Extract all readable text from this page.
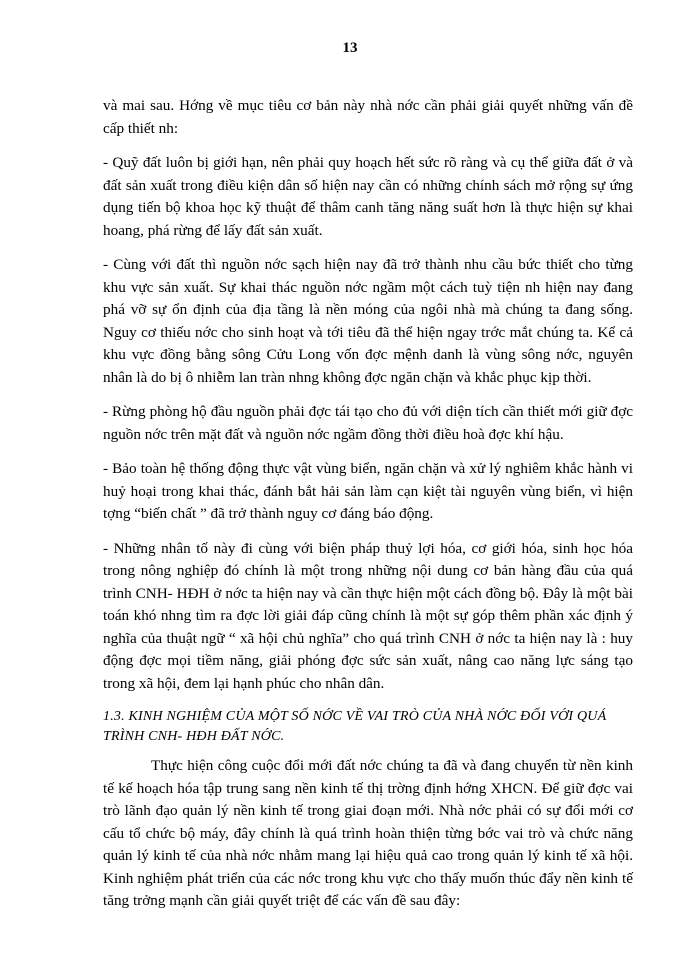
13

và mai sau. Hớng về mục tiêu cơ bản này nhà nớc cần phải giải quyết những vấn đề cấp thiết nh:

- Quỹ đất luôn bị giới hạn, nên phải quy hoạch hết sức rõ ràng và cụ thể giữa đất ở và đất sản xuất trong điều kiện dân số hiện nay cần có những chính sách mở rộng sự ứng dụng tiến bộ khoa học kỹ thuật để thâm canh tăng năng suất hơn là thực hiện sự khai hoang, phá rừng để lấy đất sản xuất.

- Cùng với đất thì nguồn nớc sạch hiện nay đã trở thành nhu cầu bức thiết cho từng khu vực sản xuất. Sự khai thác nguồn nớc ngầm một cách tuỳ tiện nh hiện nay đang phá vỡ sự ổn định của địa tầng là nền móng của ngôi nhà mà chúng ta đang sống. Nguy cơ thiếu nớc cho sinh hoạt và tới tiêu đã thể hiện ngay trớc mắt chúng ta. Kể cả khu vực đồng bằng sông Cửu Long vốn đợc mệnh danh là vùng sông nớc, nguyên nhân là do bị ô nhiễm lan tràn nhng không đợc ngăn chặn và khắc phục kịp thời.

- Rừng phòng hộ đầu nguồn phải đợc tái tạo cho đủ với diện tích cần thiết mới giữ đợc nguồn nớc trên mặt đất và nguồn nớc ngầm đồng thời điều hoà đợc khí hậu.

- Bảo toàn hệ thống động thực vật vùng biển, ngăn chặn và xử lý nghiêm khắc hành vi huỷ hoại trong khai thác, đánh bắt hải sản làm cạn kiệt tài nguyên vùng biển, vì hiện tợng “biến chất ” đã trở thành nguy cơ đáng báo động.

- Những nhân tố này đi cùng với biện pháp thuỷ lợi hóa, cơ giới hóa, sinh học hóa trong nông nghiệp đó chính là một trong những nội dung cơ bản hàng đầu của quá trình CNH- HĐH ở nớc ta hiện nay và cần thực hiện một cách đồng bộ. Đây là một bài toán khó nhng tìm ra đợc lời giải đáp cũng chính là một sự góp thêm phần xác định ý nghĩa của thuật ngữ “ xã hội chủ nghĩa” cho quá trình CNH ở nớc ta hiện nay là : huy động đợc mọi tiềm năng, giải phóng đợc sức sản xuất, nâng cao năng lực sáng tạo trong xã hội, đem lại hạnh phúc cho nhân dân.

1.3. KINH NGHIỆM CỦA MỘT SỐ NỚC VỀ VAI TRÒ CỦA NHÀ NỚC ĐỐI VỚI QUÁ TRÌNH CNH- HĐH ĐẤT NỚC.

Thực hiện công cuộc đổi mới đất nớc chúng ta đã và đang chuyển từ nền kinh tế kế hoạch hóa tập trung sang nền kinh tế thị trờng định hớng XHCN. Để giữ đợc vai trò lãnh đạo quản lý nền kinh tế trong giai đoạn mới. Nhà nớc phải có sự đổi mới cơ cấu tổ chức bộ máy, đây chính là quá trình hoàn thiện từng bớc vai trò và chức năng quản lý kinh tế của nhà nớc nhằm mang lại hiệu quả cao trong quản lý kinh tế xã hội. Kinh nghiệm phát triển của các nớc trong khu vực cho thấy muốn thúc đẩy nền kinh tế tăng trởng mạnh cần giải quyết triệt để các vấn đề sau đây:
